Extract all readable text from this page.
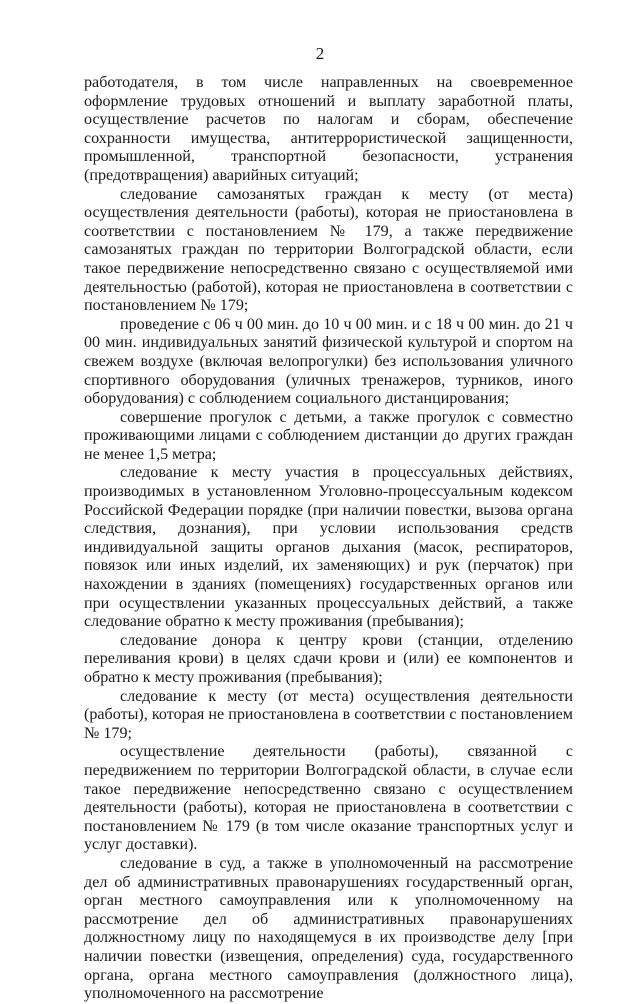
2

работодателя, в том числе направленных на своевременное оформление трудовых отношений и выплату заработной платы, осуществление расчетов по налогам и сборам, обеспечение сохранности имущества, антитеррористической защищенности, промышленной, транспортной безопасности, устранения (предотвращения) аварийных ситуаций;

следование самозанятых граждан к месту (от места) осуществления деятельности (работы), которая не приостановлена в соответствии с постановлением № 179, а также передвижение самозанятых граждан по территории Волгоградской области, если такое передвижение непосредственно связано с осуществляемой ими деятельностью (работой), которая не приостановлена в соответствии с постановлением № 179;

проведение с 06 ч 00 мин. до 10 ч 00 мин. и с 18 ч 00 мин. до 21 ч 00 мин. индивидуальных занятий физической культурой и спортом на свежем воздухе (включая велопрогулки) без использования уличного спортивного оборудования (уличных тренажеров, турников, иного оборудования) с соблюдением социального дистанцирования;

совершение прогулок с детьми, а также прогулок с совместно проживающими лицами с соблюдением дистанции до других граждан не менее 1,5 метра;

следование к месту участия в процессуальных действиях, производимых в установленном Уголовно-процессуальным кодексом Российской Федерации порядке (при наличии повестки, вызова органа следствия, дознания), при условии использования средств индивидуальной защиты органов дыхания (масок, респираторов, повязок или иных изделий, их заменяющих) и рук (перчаток) при нахождении в зданиях (помещениях) государственных органов или при осуществлении указанных процессуальных действий, а также следование обратно к месту проживания (пребывания);

следование донора к центру крови (станции, отделению переливания крови) в целях сдачи крови и (или) ее компонентов и обратно к месту проживания (пребывания);

следование к месту (от места) осуществления деятельности (работы), которая не приостановлена в соответствии с постановлением № 179;

осуществление деятельности (работы), связанной с передвижением по территории Волгоградской области, в случае если такое передвижение непосредственно связано с осуществлением деятельности (работы), которая не приостановлена в соответствии с постановлением № 179 (в том числе оказание транспортных услуг и услуг доставки).

следование в суд, а также в уполномоченный на рассмотрение дел об административных правонарушениях государственный орган, орган местного самоуправления или к уполномоченному на рассмотрение дел об административных правонарушениях должностному лицу по находящемуся в их производстве делу [при наличии повестки (извещения, определения) суда, государственного органа, органа местного самоуправления (должностного лица), уполномоченного на рассмотрение
